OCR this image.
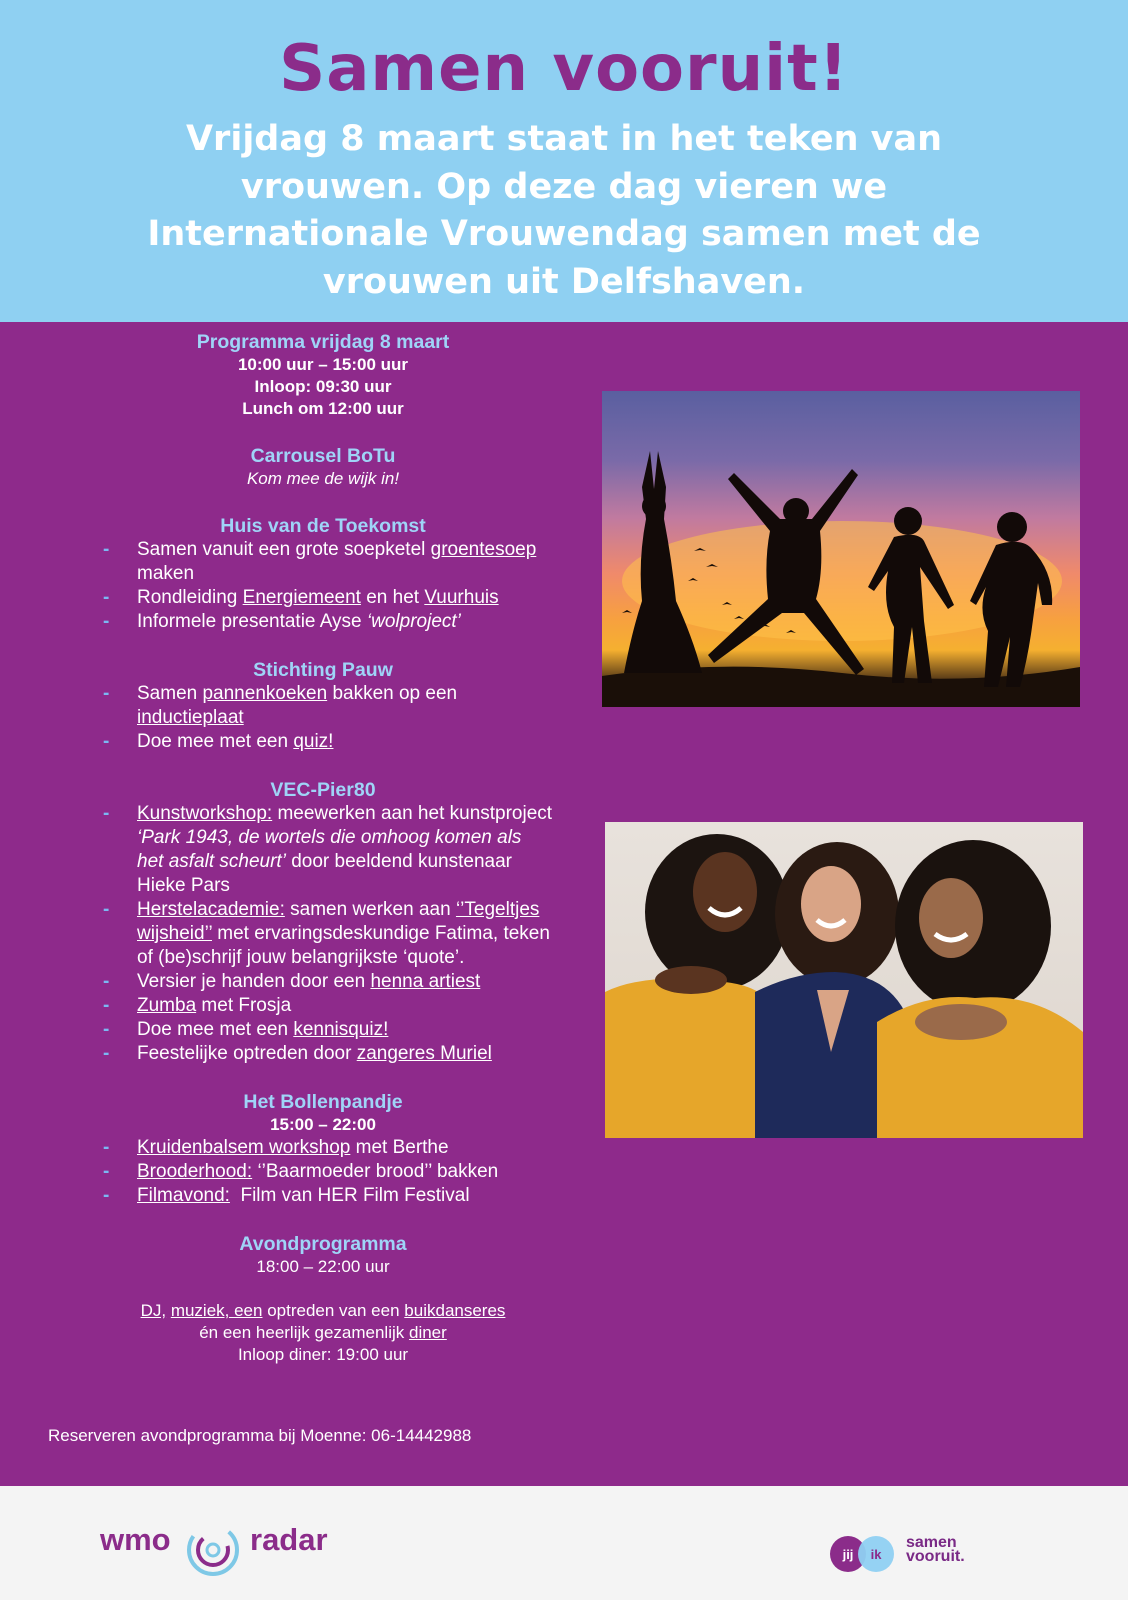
Samen vooruit!

Vrijdag 8 maart staat in het teken van vrouwen. Op deze dag vieren we Internationale Vrouwendag samen met de vrouwen uit Delfshaven.

Programma vrijdag 8 maart
10:00 uur – 15:00 uur
Inloop: 09:30 uur
Lunch om 12:00 uur
Carrousel BoTu
Kom mee de wijk in!
Huis van de Toekomst
- Samen vanuit een grote soepketel groentesoep maken
- Rondleiding Energiemeent en het Vuurhuis
- Informele presentatie Ayse ‘wolproject’
Stichting Pauw
- Samen pannenkoeken bakken op een inductieplaat
- Doe mee met een quiz!
VEC-Pier80
- Kunstworkshop: meewerken aan het kunstproject ‘Park 1943, de wortels die omhoog komen als het asfalt scheurt’ door beeldend kunstenaar Hieke Pars
- Herstelacademie: samen werken aan ‘’Tegeltjes wijsheid’’ met ervaringsdeskundige Fatima, teken of (be)schrijf jouw belangrijkste ‘quote’.
- Versier je handen door een henna artiest
- Zumba met Frosja
- Doe mee met een kennisquiz!
- Feestelijke optreden door zangeres Muriel
Het Bollenpandje
15:00 – 22:00
- Kruidenbalsem workshop met Berthe
- Brooderhood: ‘’Baarmoeder brood’’ bakken
- Filmavond: Film van HER Film Festival
Avondprogramma
18:00 – 22:00 uur
DJ, muziek, een optreden van een buikdanseres
én een heerlijk gezamenlijk diner
Inloop diner: 19:00 uur
Reserveren avondprogramma bij Moenne: 06-14442988
wmo	radar	jij ik
samen
vooruit.
